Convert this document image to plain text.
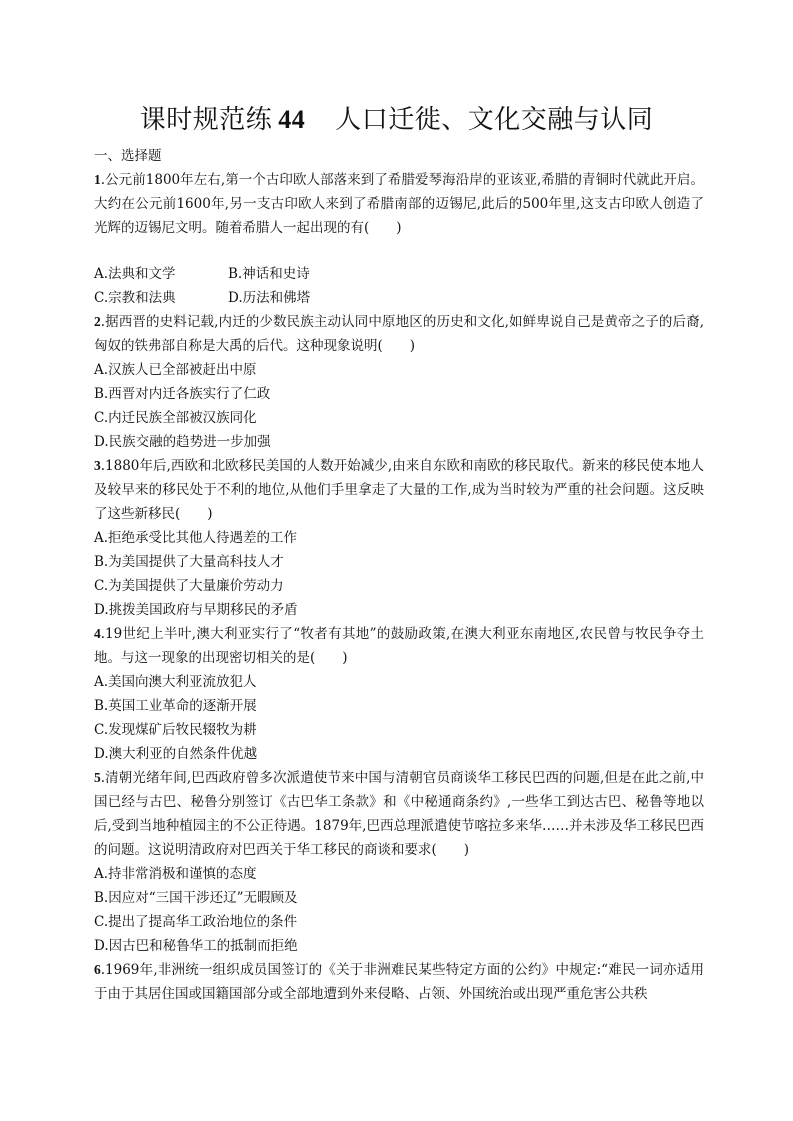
课时规范练 44 人口迁徙、文化交融与认同
一、选择题
1.公元前1800年左右,第一个古印欧人部落来到了希腊爱琴海沿岸的亚该亚,希腊的青铜时代就此开启。大约在公元前1600年,另一支古印欧人来到了希腊南部的迈锡尼,此后的500年里,这支古印欧人创造了光辉的迈锡尼文明。随着希腊人一起出现的有(　　)
A.法典和文学	B.神话和史诗
C.宗教和法典	D.历法和佛塔
2.据西晋的史料记载,内迁的少数民族主动认同中原地区的历史和文化,如鲜卑说自己是黄帝之子的后裔,匈奴的铁弗部自称是大禹的后代。这种现象说明(　　)
A.汉族人已全部被赶出中原
B.西晋对内迁各族实行了仁政
C.内迁民族全部被汉族同化
D.民族交融的趋势进一步加强
3.1880年后,西欧和北欧移民美国的人数开始减少,由来自东欧和南欧的移民取代。新来的移民使本地人及较早来的移民处于不利的地位,从他们手里拿走了大量的工作,成为当时较为严重的社会问题。这反映了这些新移民(　　)
A.拒绝承受比其他人待遇差的工作
B.为美国提供了大量高科技人才
C.为美国提供了大量廉价劳动力
D.挑拨美国政府与早期移民的矛盾
4.19世纪上半叶,澳大利亚实行了“牧者有其地”的鼓励政策,在澳大利亚东南地区,农民曾与牧民争夺土地。与这一现象的出现密切相关的是(　　)
A.美国向澳大利亚流放犯人
B.英国工业革命的逐渐开展
C.发现煤矿后牧民辍牧为耕
D.澳大利亚的自然条件优越
5.清朝光绪年间,巴西政府曾多次派遣使节来中国与清朝官员商谈华工移民巴西的问题,但是在此之前,中国已经与古巴、秘鲁分别签订《古巴华工条款》和《中秘通商条约》,一些华工到达古巴、秘鲁等地以后,受到当地种植园主的不公正待遇。1879年,巴西总理派遣使节喀拉多来华……并未涉及华工移民巴西的问题。这说明清政府对巴西关于华工移民的商谈和要求(　　)
A.持非常消极和谨慎的态度
B.因应对“三国干涉还辽”无暇顾及
C.提出了提高华工政治地位的条件
D.因古巴和秘鲁华工的抵制而拒绝
6.1969年,非洲统一组织成员国签订的《关于非洲难民某些特定方面的公约》中规定:“难民一词亦适用于由于其居住国或国籍国部分或全部地遭到外来侵略、占领、外国统治或出现严重危害公共秩
